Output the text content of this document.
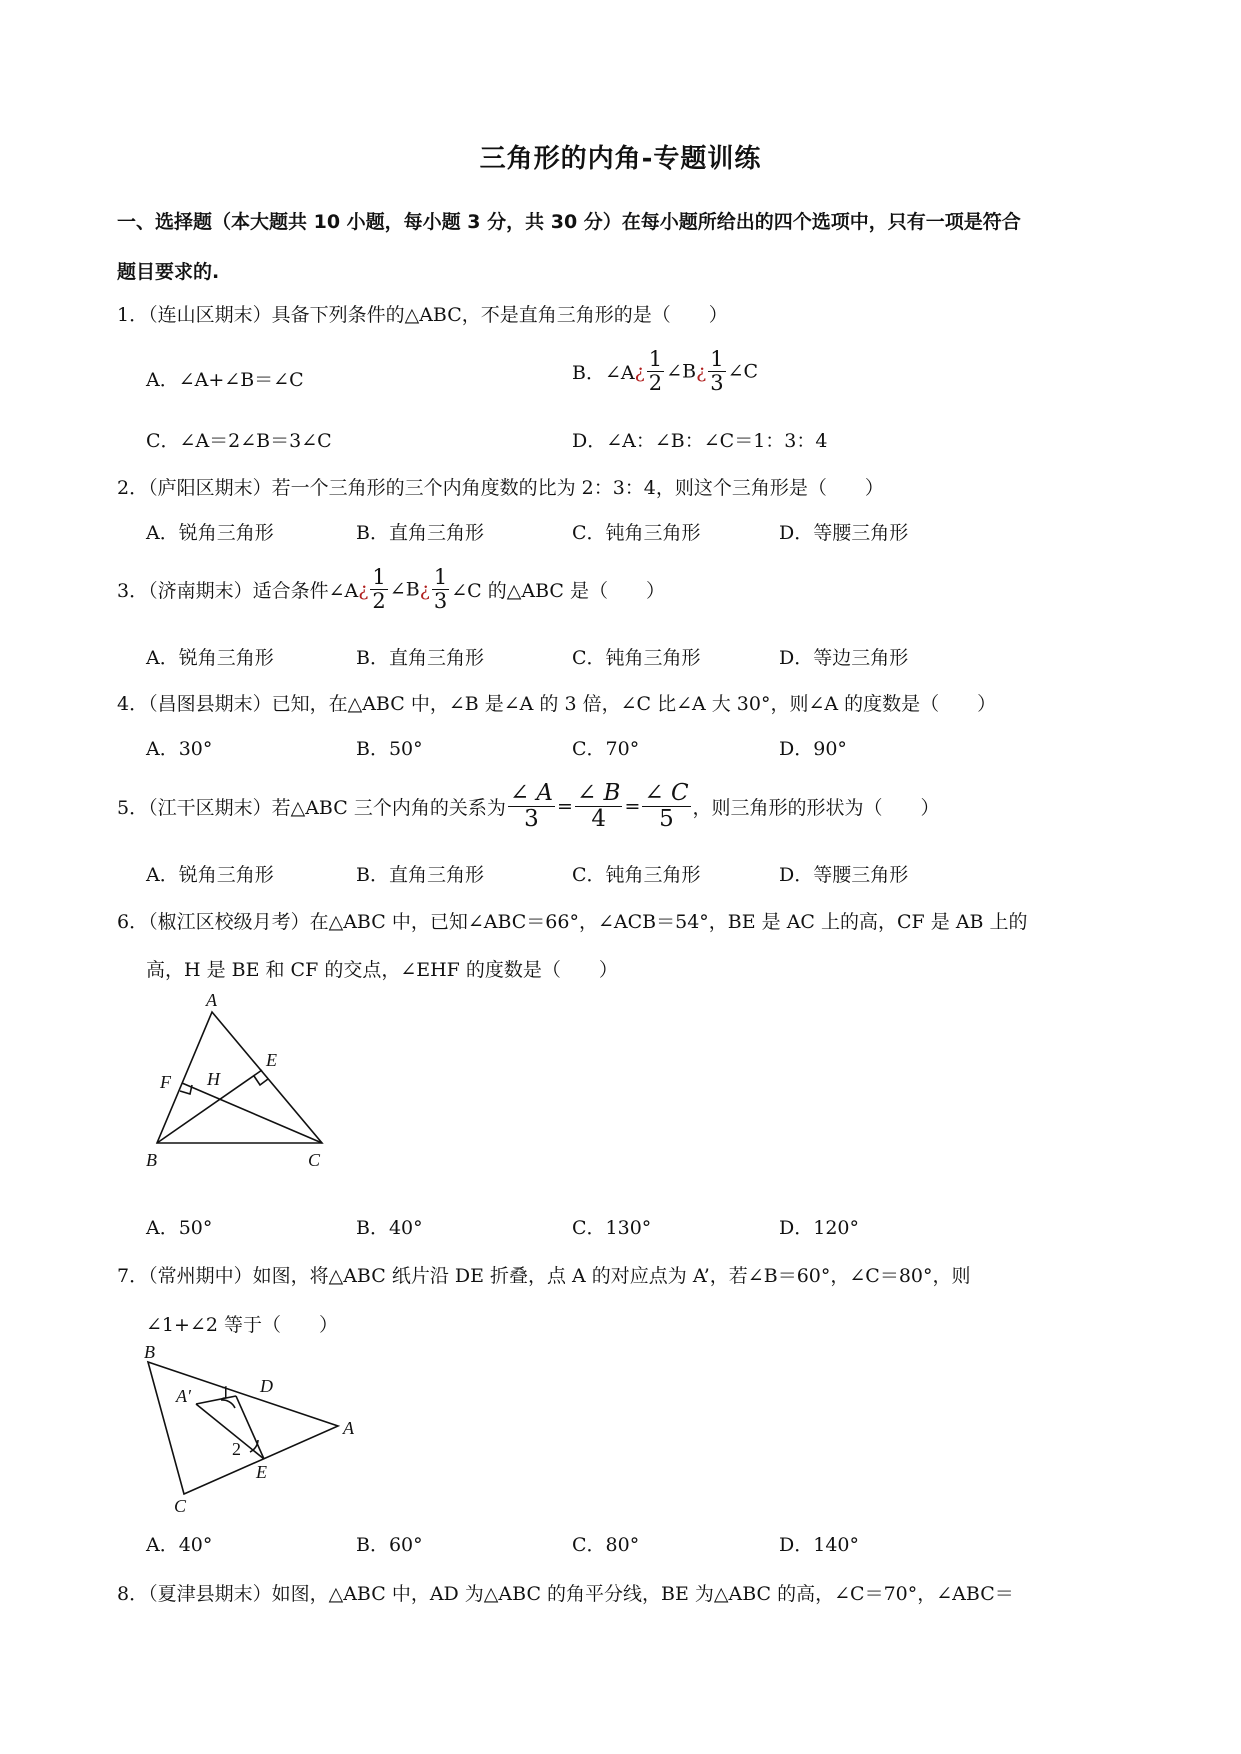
三角形的内角-专题训练
一、选择题（本大题共 10 小题，每小题 3 分，共 30 分）在每小题所给出的四个选项中，只有一项是符合
题目要求的.
1．（连山区期末）具备下列条件的△ABC，不是直角三角形的是（　　）
A．∠A+∠B＝∠C	B．∠A¿ $\frac{1}{2}$ ∠B¿ $\frac{1}{3}$ ∠C
C．∠A＝2∠B＝3∠C	D．∠A：∠B：∠C＝1：3：4
2．（庐阳区期末）若一个三角形的三个内角度数的比为 2：3：4，则这个三角形是（　　）
A．锐角三角形	B．直角三角形	C．钝角三角形	D．等腰三角形
3．（济南期末）适合条件∠A¿ $\frac{1}{2}$ ∠B¿ $\frac{1}{3}$ ∠C 的△ABC 是（　　）
A．锐角三角形	B．直角三角形	C．钝角三角形	D．等边三角形
4．（昌图县期末）已知，在△ABC 中，∠B 是∠A 的 3 倍，∠C 比∠A 大 30°，则∠A 的度数是（　　）
A．30°	B．50°	C．70°	D．90°
5．（江干区期末）若△ABC 三个内角的关系为 $\frac{\angle A}{3} = \frac{\angle B}{4} = \frac{\angle C}{5}$ ，则三角形的形状为（　　）
A．锐角三角形	B．直角三角形	C．钝角三角形	D．等腰三角形
6．（椒江区校级月考）在△ABC 中，已知∠ABC＝66°，∠ACB＝54°，BE 是 AC 上的高，CF 是 AB 上的
高，H 是 BE 和 CF 的交点，∠EHF 的度数是（　　）
A
E
F H
B	C
A．50°	B．40°	C．130°	D．120°
7．（常州期中）如图，将△ABC 纸片沿 DE 折叠，点 A 的对应点为 A’，若∠B＝60°，∠C＝80°，则
∠1+∠2 等于（　　）
B
A′ 1 D
A
2
E
C
A．40°	B．60°	C．80°	D．140°
8．（夏津县期末）如图，△ABC 中，AD 为△ABC 的角平分线，BE 为△ABC 的高，∠C＝70°，∠ABC＝
